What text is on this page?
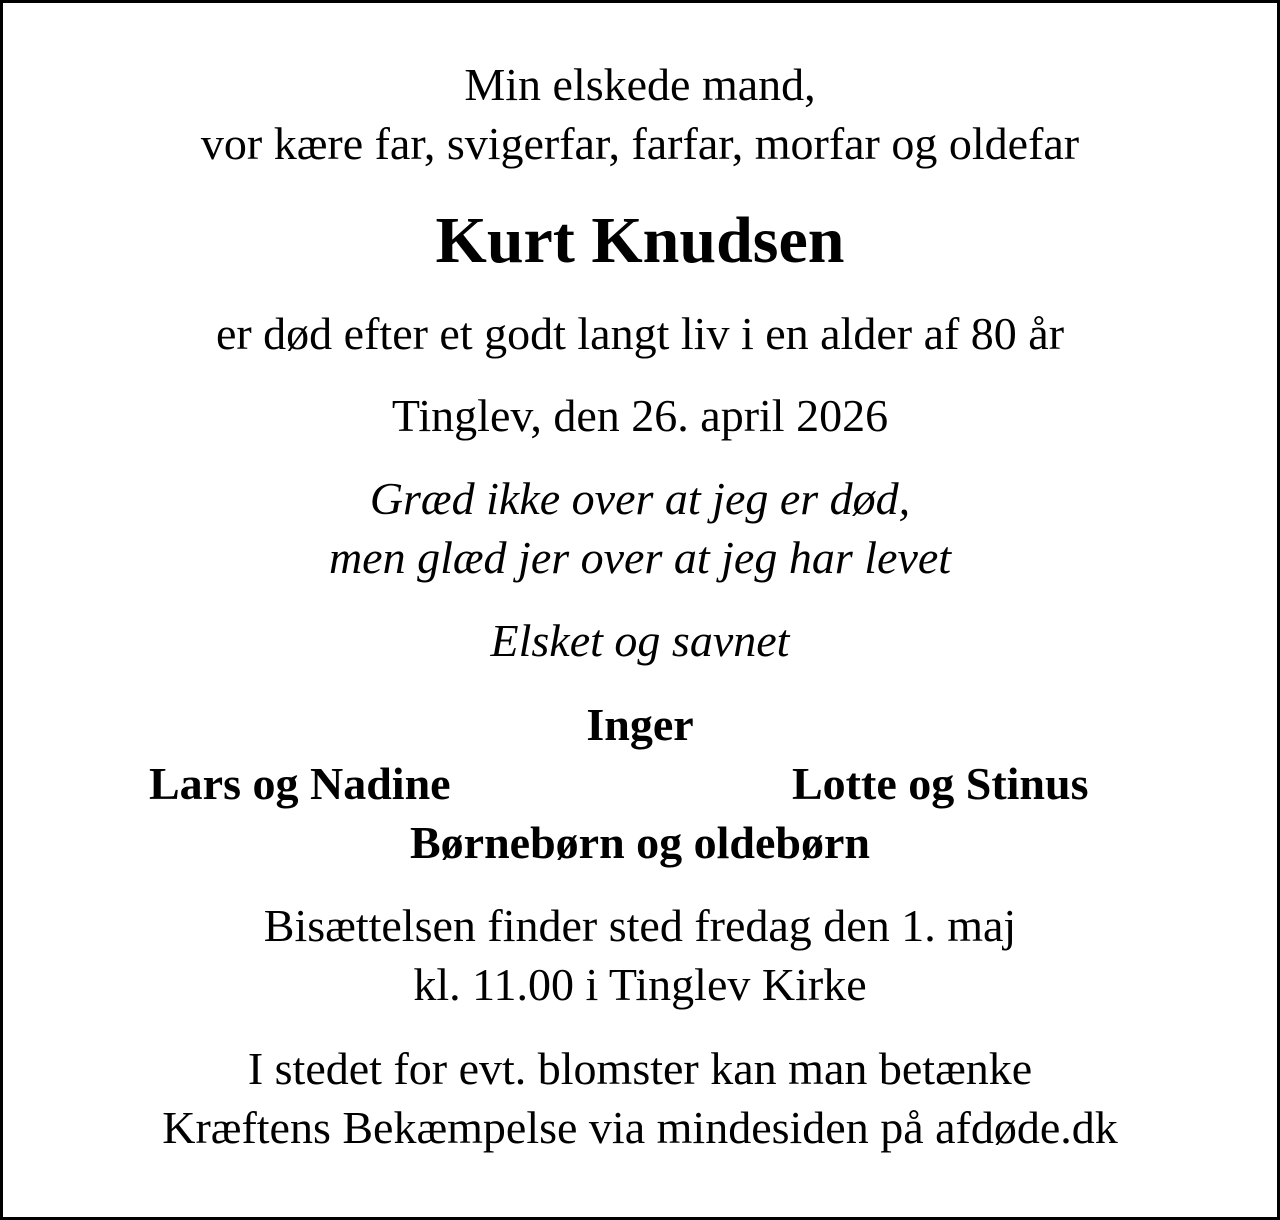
Min elskede mand,
vor kære far, svigerfar, farfar, morfar og oldefar
Kurt Knudsen
er død efter et godt langt liv i en alder af 80 år
Tinglev, den 26. april 2026
Græd ikke over at jeg er død,
men glæd jer over at jeg har levet
Elsket og savnet
Inger
Lars og Nadine	Lotte og Stinus
Børnebørn og oldebørn
Bisættelsen finder sted fredag den 1. maj
kl. 11.00 i Tinglev Kirke
I stedet for evt. blomster kan man betænke
Kræftens Bekæmpelse via mindesiden på afdøde.dk
